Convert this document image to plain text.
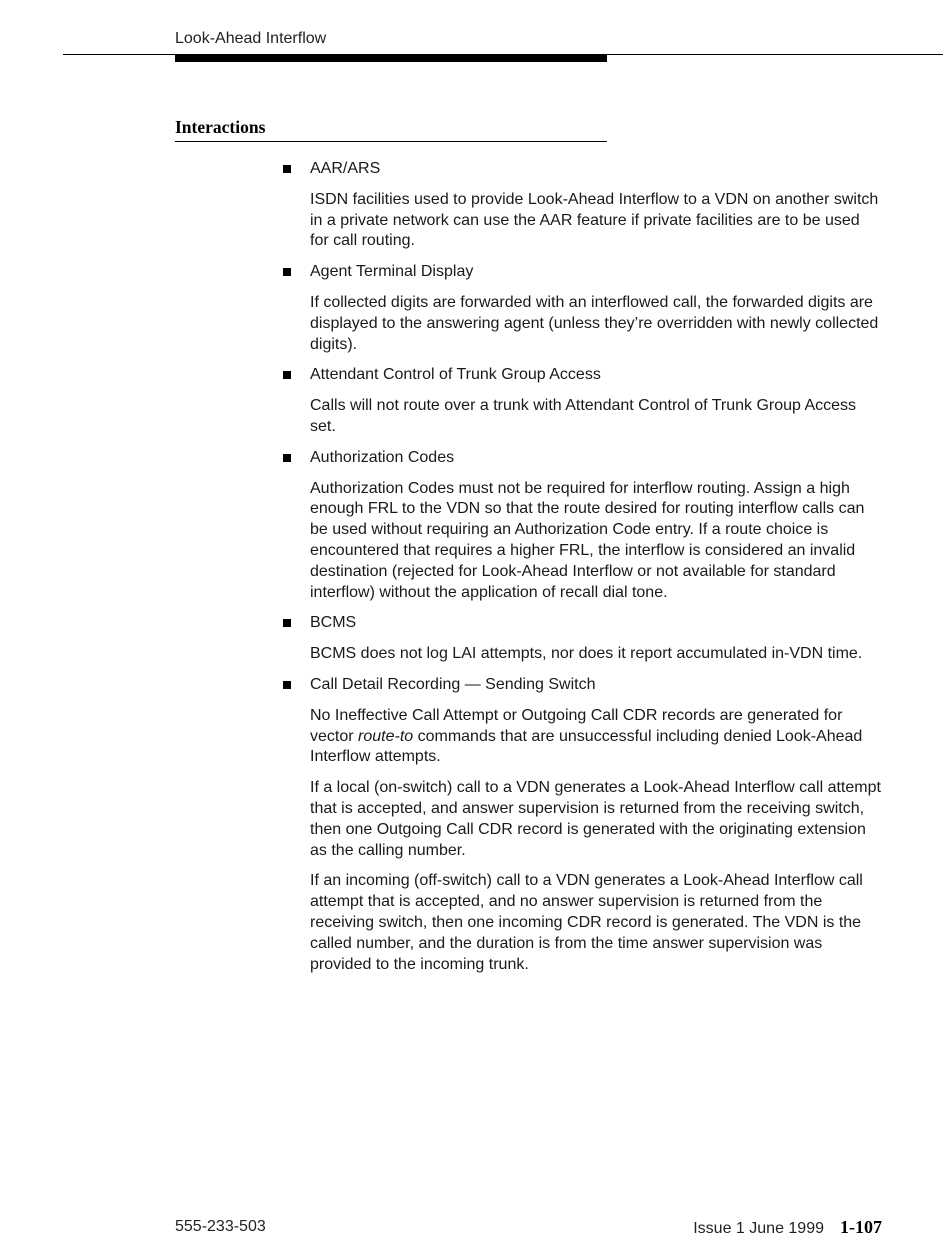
Look-Ahead Interflow
Interactions

AAR/ARS

ISDN facilities used to provide Look-Ahead Interflow to a VDN on another switch in a private network can use the AAR feature if private facilities are to be used for call routing.

Agent Terminal Display

If collected digits are forwarded with an interflowed call, the forwarded digits are displayed to the answering agent (unless they’re overridden with newly collected digits).

Attendant Control of Trunk Group Access

Calls will not route over a trunk with Attendant Control of Trunk Group Access set.

Authorization Codes

Authorization Codes must not be required for interflow routing. Assign a high enough FRL to the VDN so that the route desired for routing interflow calls can be used without requiring an Authorization Code entry. If a route choice is encountered that requires a higher FRL, the interflow is considered an invalid destination (rejected for Look-Ahead Interflow or not available for standard interflow) without the application of recall dial tone.

BCMS

BCMS does not log LAI attempts, nor does it report accumulated in-VDN time.

Call Detail Recording — Sending Switch

No Ineffective Call Attempt or Outgoing Call CDR records are generated for vector route-to commands that are unsuccessful including denied Look-Ahead Interflow attempts.

If a local (on-switch) call to a VDN generates a Look-Ahead Interflow call attempt that is accepted, and answer supervision is returned from the receiving switch, then one Outgoing Call CDR record is generated with the originating extension as the calling number.

If an incoming (off-switch) call to a VDN generates a Look-Ahead Interflow call attempt that is accepted, and no answer supervision is returned from the receiving switch, then one incoming CDR record is generated. The VDN is the called number, and the duration is from the time answer supervision was provided to the incoming trunk.

555-233-503	Issue 1 June 1999 1-107
